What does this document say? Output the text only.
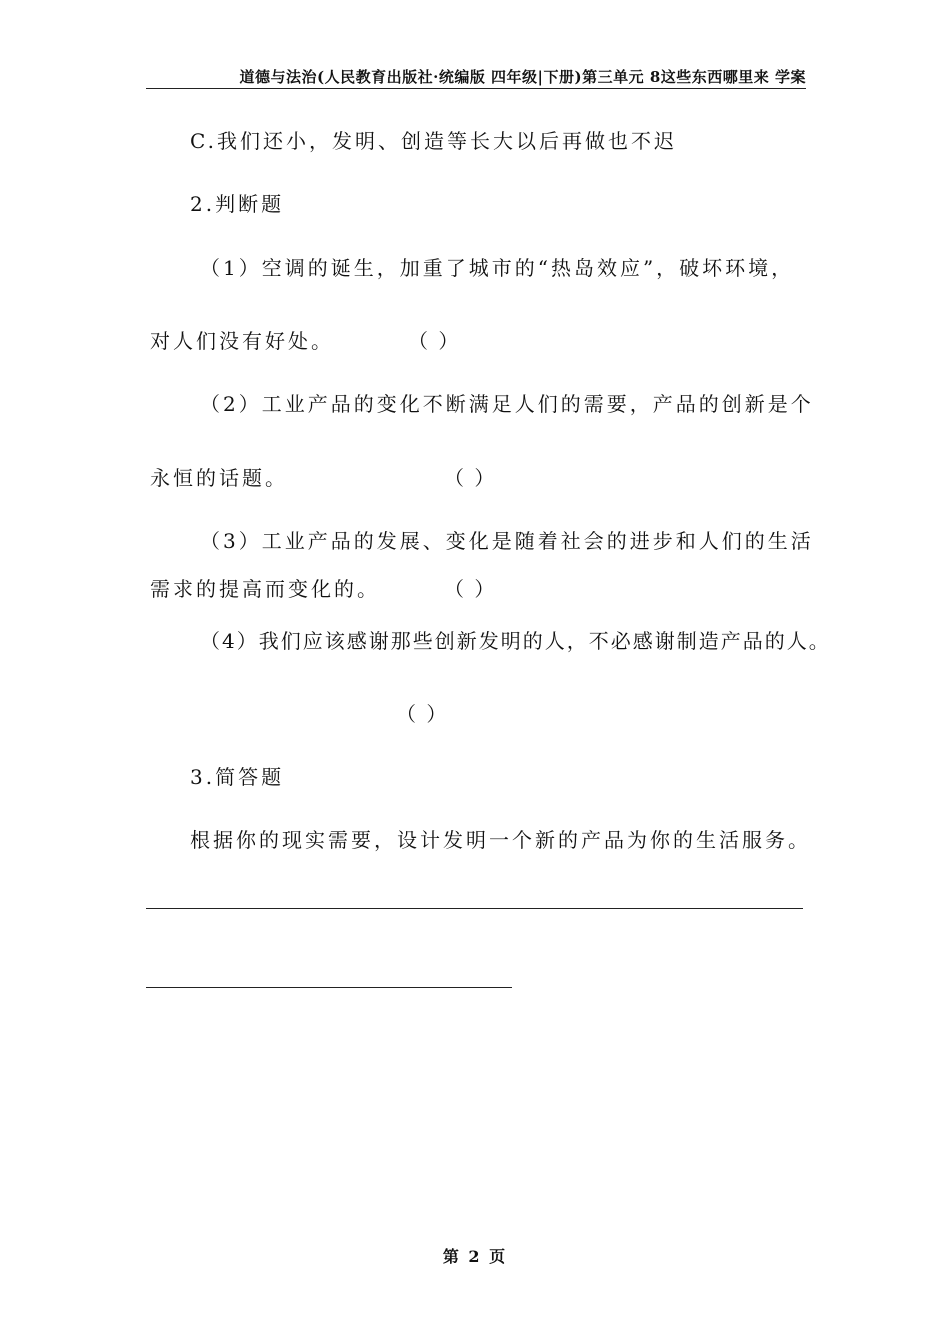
道德与法治(人民教育出版社·统编版 四年级|下册)第三单元 8这些东西哪里来 学案
C.我们还小，发明、创造等长大以后再做也不迟
2.判断题
（1）空调的诞生，加重了城市的“热岛效应”，破坏环境，
对人们没有好处。	（ ）
（2）工业产品的变化不断满足人们的需要，产品的创新是个
永恒的话题。	（ ）
（3）工业产品的发展、变化是随着社会的进步和人们的生活
需求的提高而变化的。	（ ）
（4）我们应该感谢那些创新发明的人，不必感谢制造产品的人。
（ ）
3.简答题
根据你的现实需要，设计发明一个新的产品为你的生活服务。
第 2 页
